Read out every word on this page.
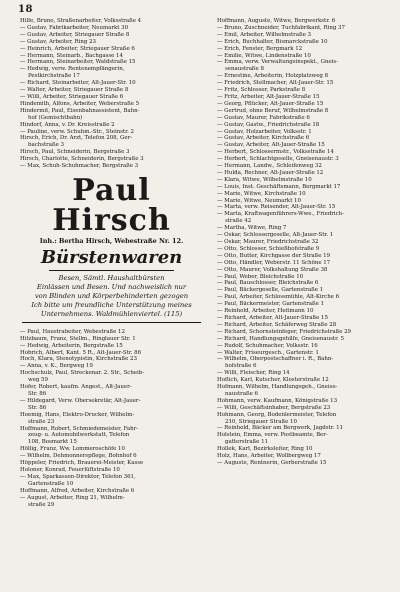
18
Hilfe, Bruno, Straßenarbeiter, Volksstraße 4
— Gustav, Fabrikarbeiter, Neumarkt 30
— Gustav, Arbeiter, Striegauer Straße 8
— Gustav, Arbeiter, Ring 23
— Heinrich, Arbeiter, Striegauer Straße 6
— Hermann, Steinarb., Bachgasse 14
— Hermann, Steinarbeiter, Waldstraße 15
— Hedwig, verw. Rentenempfängerin,
Pestkirchstraße 17
— Richard, Steinarbeiter, Alt-Jauer-Str. 10
— Walter, Arbeiter, Striegauer Straße 8
— Willi, Arbeiter, Striegauer Straße 6
Hindemith, Alfons, Arbeiter, Weberstraße 5
Hindermit, Paul, Eisenbahnassistent, Bahn-
hof (Gemischtbahn)
Hindorf, Anna, v. Dr. Kreisstraße 2
— Pauline, verw. Schuhm.-Str., Steinstr. 2
Hirsch, Erich, Dr. Arzt, Telefon 208, Ger-
bachstraße 3
Hirsch, Paul, Schneiderin, Bergstraße 3
Hirsch, Charlotte, Schneiderin, Bergstraße 3
— Max, Schuh-Schuhmacher, Bergstraße 3
Paul Hirsch
Inh.: Bertha Hirsch, Webestraße Nr. 12.
Bürstenwaren
Besen, Sämtl. Haushaltbürsten
Einlässen und Besen. Und nachweislich nur
von Blinden und Körperbehinderten gezogen
Ich bitte um freundliche Unterstützung meines
Unternehmens. Waldmühlenviertel. (115)
— Paul, Haustrabeiter, Webestraße 12
Hitzbaum, Franz, Stellm., Ringlauer Str. 1
— Hedwig, Arbeiterin, Bergstraße 15
Hobrich, Albert, Kant. 5 R., Alt-Jauer-Str. 86
Hoch, Klara, Stenotypistin, Kirchstraße 23
— Anna, v. K., Bergweg 19
Hochschulz, Paul, Streckenar. 2. Str., Scheib-
weg 59
Hofer, Robert, kaufm. Angest., Alt-Jauer-
Str. 86
— Hildegard, Verw. Obersekretär, Alt-Jauer-
Str. 86
Hoemig, Hans, Elektro-Drucker, Wilhelm-
straße 23
Hoffmann, Robert, Schmiedemeister, Fahr-
zeug- u. Automobilwerkstatt, Telefon
108, Bosmarkt 15
Höllig, Franz, Ww. Lommeroschöfe 10
— Wilhelm, Dehmonnerspflege, Bohnhof 6
Höppeler, Friedrich, Brauerei-Meister, Kasse
Holoner, Konrad, Feuerlüftstraße 10
— Max, Sparkassen-Direktor, Telefon 361,
Gartenstraße 10
Hoffmann, Alfred, Arbeiter, Kirchstraße 6
— August, Arbeiter, Ring 21, Wilhelm-
straße 29
Hoffmann, Auguste, Witwe, Bergwerkstr. 6
— Bruno, Zuschneider, Tuchfabrikant, Ring 37
— Emil, Arbeiter, Wilhelmstraße 3
— Erich, Buchhalter, Bismarckstraße 10
— Erich, Fenster, Bergmark 12
— Emilie, Witwe, Lindenstraße 10
— Emma, verw. Verwaltungsinspekt., Gneis-
senaustraße 8
— Ernestine, Arbeiterin, Holzplatzweg 8
— Friedrich, Stellmacher, Alt-Jauer-Str. 15
— Fritz, Schlosser, Parkstraße 8
— Fritz, Arbeiter, Alt-Jauer-Straße 15
— Georg, Pflücker, Alt-Jauer-Straße 15
— Gertrud, ohne Beruf, Wilhelmstraße 8
— Gustav, Maurer, Fabrikstraße 6
— Gustav, Gastw., Friedrichstraße 18
— Gustav, Holzarbeiter, Volksstr. 1
— Gustav, Arbeiter, Kirchstraße 6
— Gustav, Arbeiter, Alt-Jauer-Straße 15
— Herbert, Schlossermstr., Volksstraße 14
— Herbert, Schlachtgeselle, Gneisenaustr. 3
— Hermann, Landw., Schleifenweg 32
— Hulda, Rechner, Alt-Jauer-Straße 12
— Klara, Witwe, Wilhelmstraße 10
— Louis, Inst. Geschäftsmann, Bergmarkt 17
— Marie, Witwe, Kirchstraße 10
— Marie, Witwe, Neumarkt 10
— Marta, verw. Reisender, Alt-Jauer-Str. 15
— Marta, Kraftwagenführers-Wwe., Friedrich-
straße 42
— Martha, Witwe, Ring 7
— Oskar, Schlossergeselle, Alt-Jauer-Str. 1
— Oskar, Maurer, Friedrichstraße 32
— Otto, Schlosser, Schießhofstraße 9
— Otto, Butter, Kirchgasse der Straße 19
— Otto, Händler, Weberstr. 11 Schöne 17
— Otto, Maurer, Volkshaltung Straße 38
— Paul, Weber, Bleichstraße 10
— Paul, Bauschlosser, Bleichstraße 6
— Paul, Bäckergeselle, Gartenstraße 1
— Paul, Arbeiter, Schlossmühle, Alt-Kirche 6
— Paul, Bäckermeister, Gartenstraße 1
— Reinhold, Arbeiter, Heitmann 10
— Richard, Arbeiter, Alt-Jauer-Straße 15
— Richard, Arbeiter, Schäferweg Straße 28
— Richard, Schornsteinfeger, Friedrichstraße 29
— Richard, Handlungsgehilfe, Gneisenaustr. 5
— Rudolf, Schuhmacher, Volksstr. 16
— Walter, Friseurgesch., Gartenstr. 1
— Wilhelm, Oberpostschaffner i. R., Bahn-
hofstraße 6
— Willi, Fleischer, Ring 14
Hoflich, Karl, Kutscher, Klosterstraße 12
Hofmann, Wilhelm, Handlungsgeh., Gneise-
naustraße 6
Hohmann, verw. Kaufmann, Königstraße 13
— Willi, Geschäftsinhaber, Bergstraße 23
Hohmann, Georg, Bodenlermeister, Telefon
210, Striegauer Straße 10
— Reinhold, Bäcker am Bergwerk, Jagdstr. 11
Holstein, Emma, verw. Postbeamte, Ber-
gatterstraße 11
Hollek, Karl, Bezirksleiter, Ring 10
Holz, Hans, Arbeiter, Wollbergweg 17
— Auguste, Rentnerin, Gerberstraße 15
